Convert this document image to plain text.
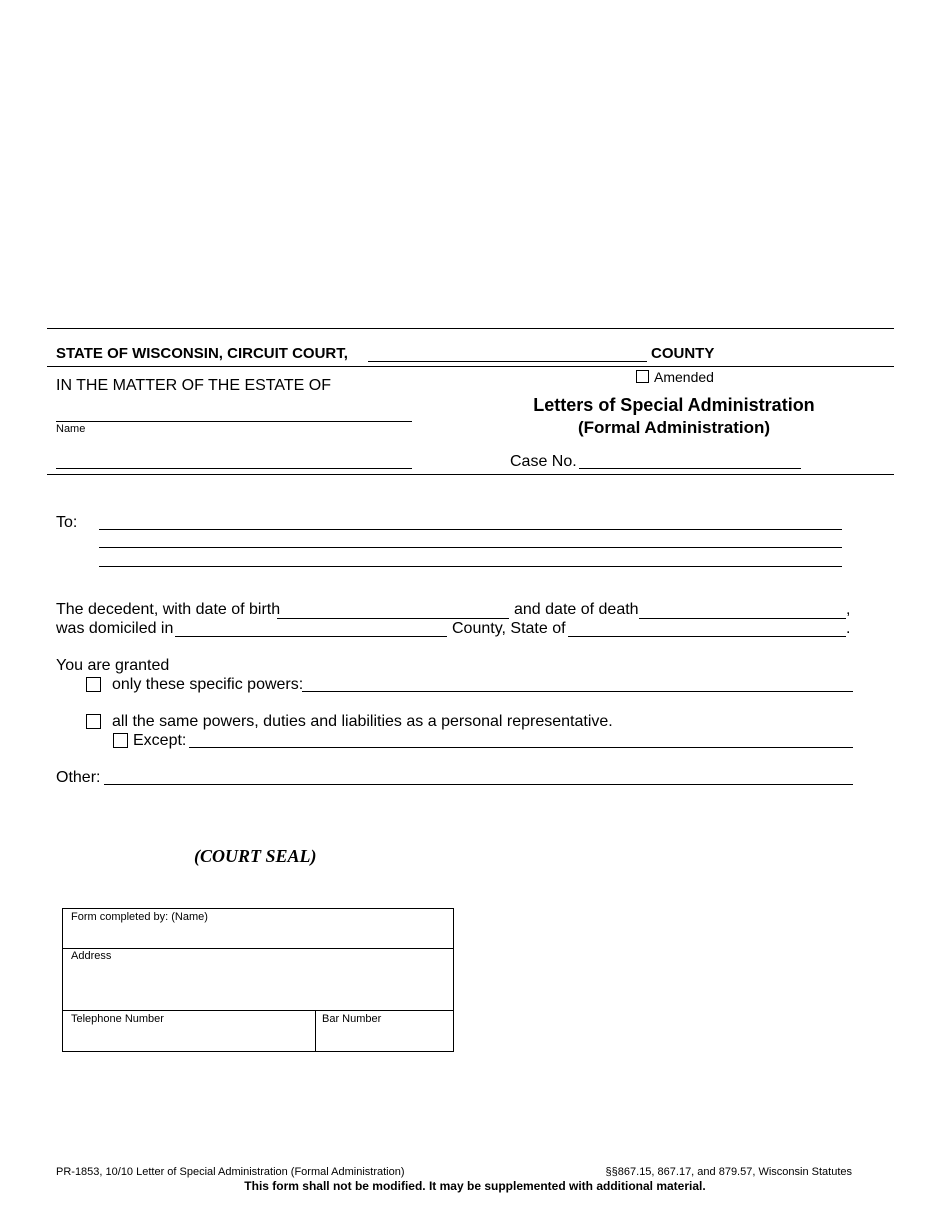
STATE OF WISCONSIN, CIRCUIT COURT,	COUNTY
IN THE MATTER OF THE ESTATE OF
Name
Amended
Letters of Special Administration
(Formal Administration)
Case No.
To:
The decedent, with date of birth	and date of death	,
was domiciled in	County, State of	.
You are granted
only these specific powers:
all the same powers, duties and liabilities as a personal representative.
Except:
Other:
(COURT SEAL)
Form completed by: (Name)
Address
Telephone Number	Bar Number
PR-1853, 10/10 Letter of Special Administration (Formal Administration)	§§867.15, 867.17, and 879.57, Wisconsin Statutes
This form shall not be modified. It may be supplemented with additional material.
